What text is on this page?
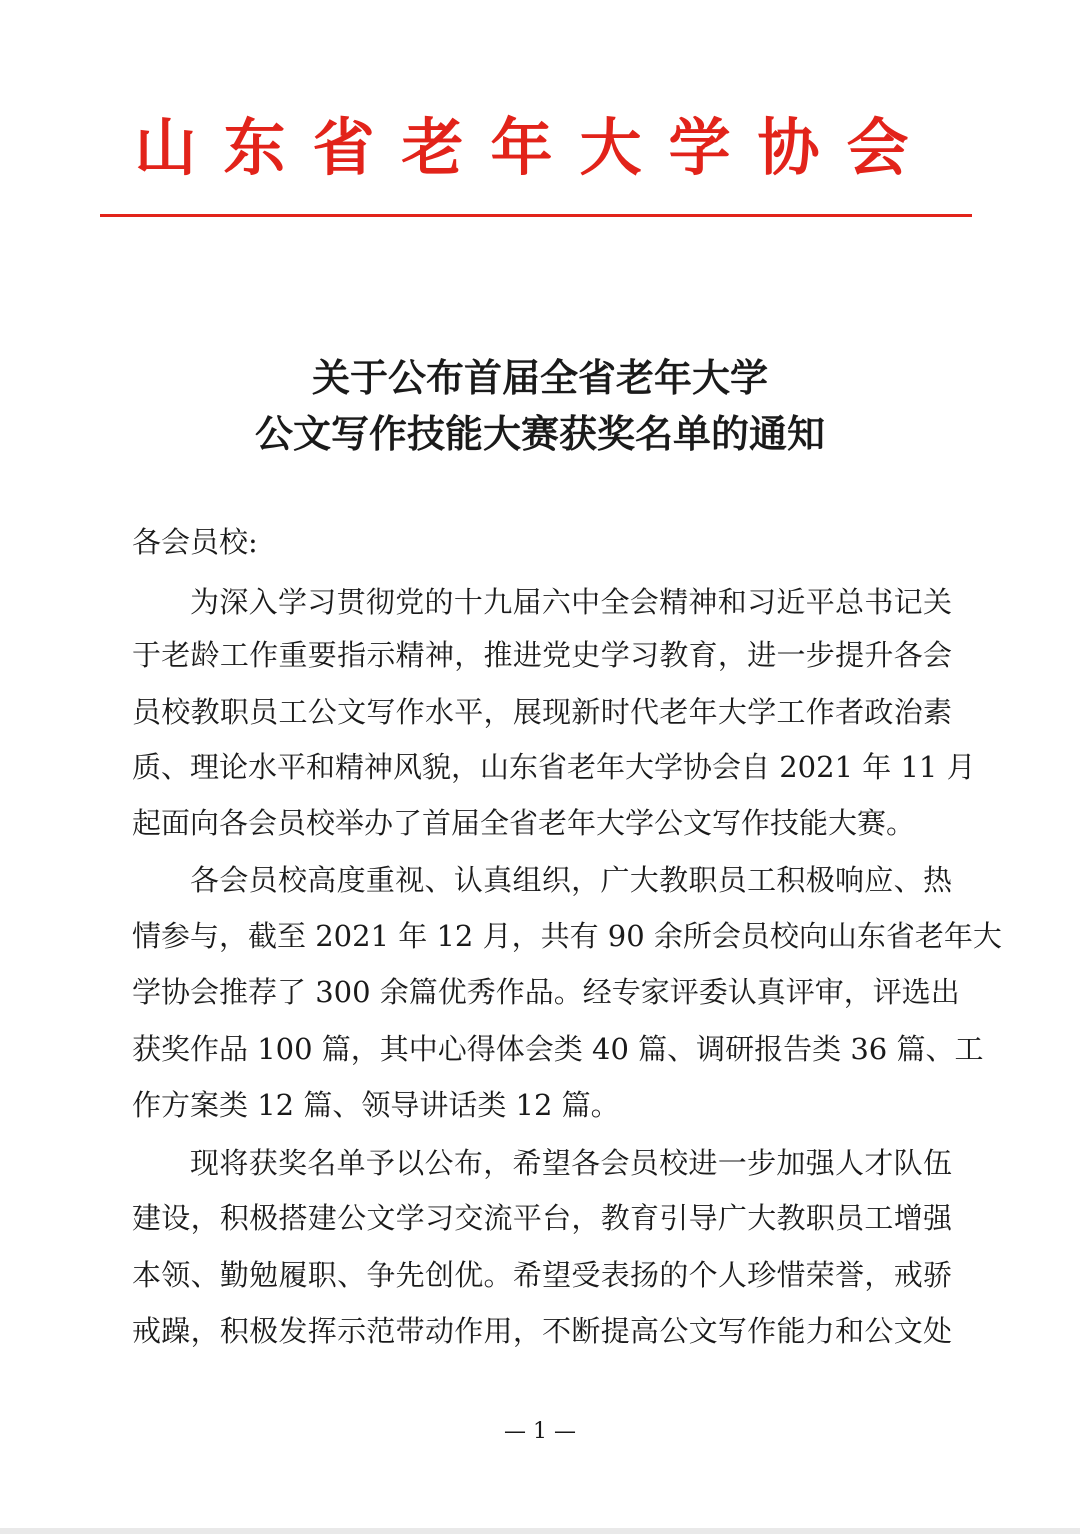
山东省老年大学协会
关于公布首届全省老年大学
公文写作技能大赛获奖名单的通知
各会员校:
为深入学习贯彻党的十九届六中全会精神和习近平总书记关
于老龄工作重要指示精神，推进党史学习教育，进一步提升各会
员校教职员工公文写作水平，展现新时代老年大学工作者政治素
质、理论水平和精神风貌，山东省老年大学协会自 2021 年 11 月
起面向各会员校举办了首届全省老年大学公文写作技能大赛。
各会员校高度重视、认真组织，广大教职员工积极响应、热
情参与，截至 2021 年 12 月，共有 90 余所会员校向山东省老年大
学协会推荐了 300 余篇优秀作品。经专家评委认真评审，评选出
获奖作品 100 篇，其中心得体会类 40 篇、调研报告类 36 篇、工
作方案类 12 篇、领导讲话类 12 篇。
现将获奖名单予以公布，希望各会员校进一步加强人才队伍
建设，积极搭建公文学习交流平台，教育引导广大教职员工增强
本领、勤勉履职、争先创优。希望受表扬的个人珍惜荣誉，戒骄
戒躁，积极发挥示范带动作用，不断提高公文写作能力和公文处
— 1 —
